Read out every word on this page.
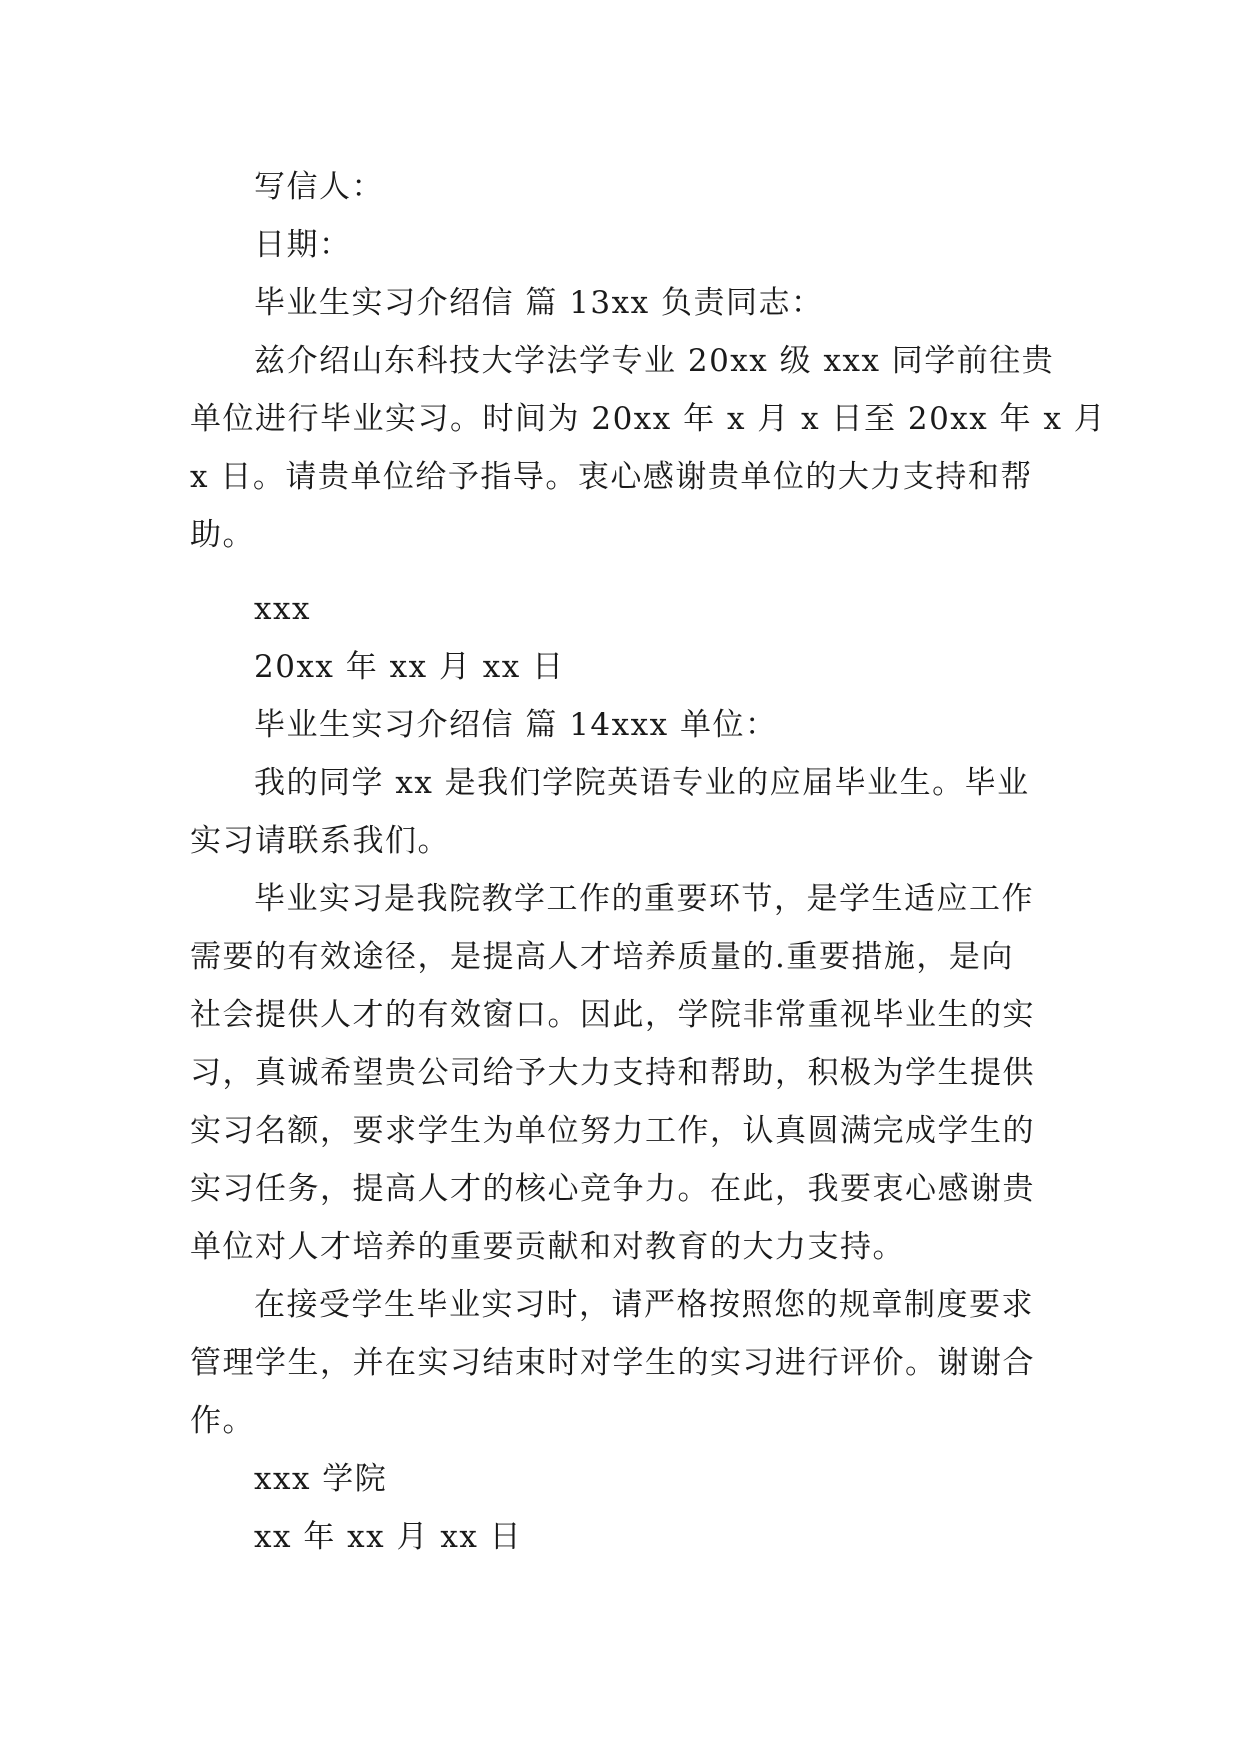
写信人：
日期：
毕业生实习介绍信 篇 13xx 负责同志：
兹介绍山东科技大学法学专业 20xx 级 xxx 同学前往贵
单位进行毕业实习。时间为 20xx 年 x 月 x 日至 20xx 年 x 月
x 日。请贵单位给予指导。衷心感谢贵单位的大力支持和帮
助。
xxx
20xx 年 xx 月 xx 日
毕业生实习介绍信 篇 14xxx 单位：
我的同学 xx 是我们学院英语专业的应届毕业生。毕业
实习请联系我们。
毕业实习是我院教学工作的重要环节，是学生适应工作
需要的有效途径，是提高人才培养质量的.重要措施，是向
社会提供人才的有效窗口。因此，学院非常重视毕业生的实
习，真诚希望贵公司给予大力支持和帮助，积极为学生提供
实习名额，要求学生为单位努力工作，认真圆满完成学生的
实习任务，提高人才的核心竞争力。在此，我要衷心感谢贵
单位对人才培养的重要贡献和对教育的大力支持。
在接受学生毕业实习时，请严格按照您的规章制度要求
管理学生，并在实习结束时对学生的实习进行评价。谢谢合
作。
xxx 学院
xx 年 xx 月 xx 日
